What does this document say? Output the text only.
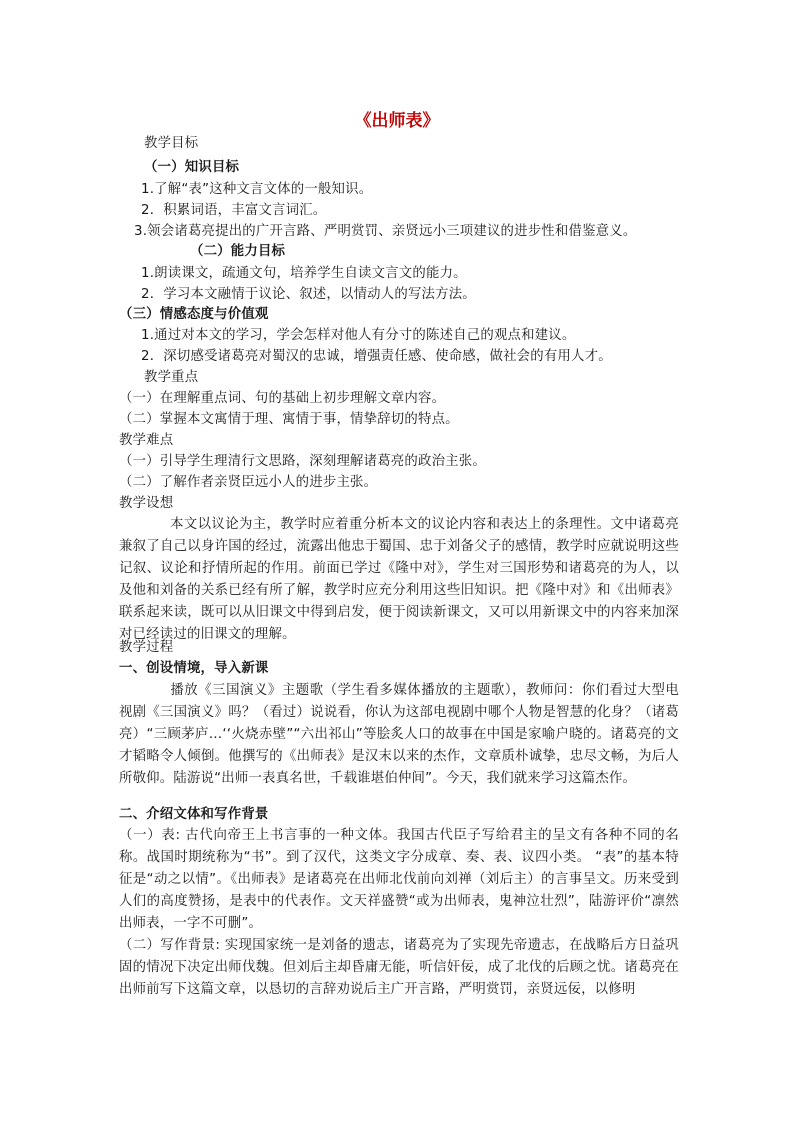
《出师表》
教学目标
（一）知识目标
1.了解“表”这种文言文体的一般知识。
2．积累词语，丰富文言词汇。
3.领会诸葛亮提出的广开言路、严明赏罚、亲贤远小三项建议的进步性和借鉴意义。
（二）能力目标
1.朗读课文，疏通文句，培养学生自读文言文的能力。
2．学习本文融情于议论、叙述，以情动人的写法方法。
（三）情感态度与价值观
1.通过对本文的学习，学会怎样对他人有分寸的陈述自己的观点和建议。
2．深切感受诸葛亮对蜀汉的忠诚，增强责任感、使命感，做社会的有用人才。
教学重点
（一）在理解重点词、句的基础上初步理解文章内容。
（二）掌握本文寓情于理、寓情于事，情挚辞切的特点。
教学难点
（一）引导学生理清行文思路，深刻理解诸葛亮的政治主张。
（二）了解作者亲贤臣远小人的进步主张。
教学设想
本文以议论为主，教学时应着重分析本文的议论内容和表达上的条理性。文中诸葛亮兼叙了自己以身许国的经过，流露出他忠于蜀国、忠于刘备父子的感情，教学时应就说明这些记叙、议论和抒情所起的作用。前面已学过《隆中对》，学生对三国形势和诸葛亮的为人，以及他和刘备的关系已经有所了解，教学时应充分利用这些旧知识。把《隆中对》和《出师表》联系起来读，既可以从旧课文中得到启发，便于阅读新课文，又可以用新课文中的内容来加深对已经读过的旧课文的理解。
教学过程
一、创设情境，导入新课
播放《三国演义》主题歌（学生看多媒体播放的主题歌），教师问：你们看过大型电视剧《三国演义》吗？（看过）说说看，你认为这部电视剧中哪个人物是智慧的化身？（诸葛亮）“三顾茅庐…‘‘火烧赤壁”“六出祁山”等脍炙人口的故事在中国是家喻户晓的。诸葛亮的文才韬略令人倾倒。他撰写的《出师表》是汉末以来的杰作，文章质朴诚挚，忠尽文畅，为后人所敬仰。陆游说“出师一表真名世，千载谁堪伯仲间”。今天，我们就来学习这篇杰作。
二、介绍文体和写作背景
（一）表: 古代向帝王上书言事的一种文体。我国古代臣子写给君主的呈文有各种不同的名称。战国时期统称为“书”。到了汉代，这类文字分成章、奏、表、议四小类。 “表”的基本特征是“动之以情”。《出师表》是诸葛亮在出师北伐前向刘禅（刘后主）的言事呈文。历来受到人们的高度赞扬，是表中的代表作。文天祥盛赞“或为出师表，鬼神泣壮烈”，陆游评价“凛然出师表，一字不可删”。
（二）写作背景: 实现国家统一是刘备的遗志，诸葛亮为了实现先帝遗志，在战略后方日益巩固的情况下决定出师伐魏。但刘后主却昏庸无能，听信奸佞，成了北伐的后顾之忧。诸葛亮在出师前写下这篇文章，以恳切的言辞劝说后主广开言路，严明赏罚，亲贤远佞，以修明
